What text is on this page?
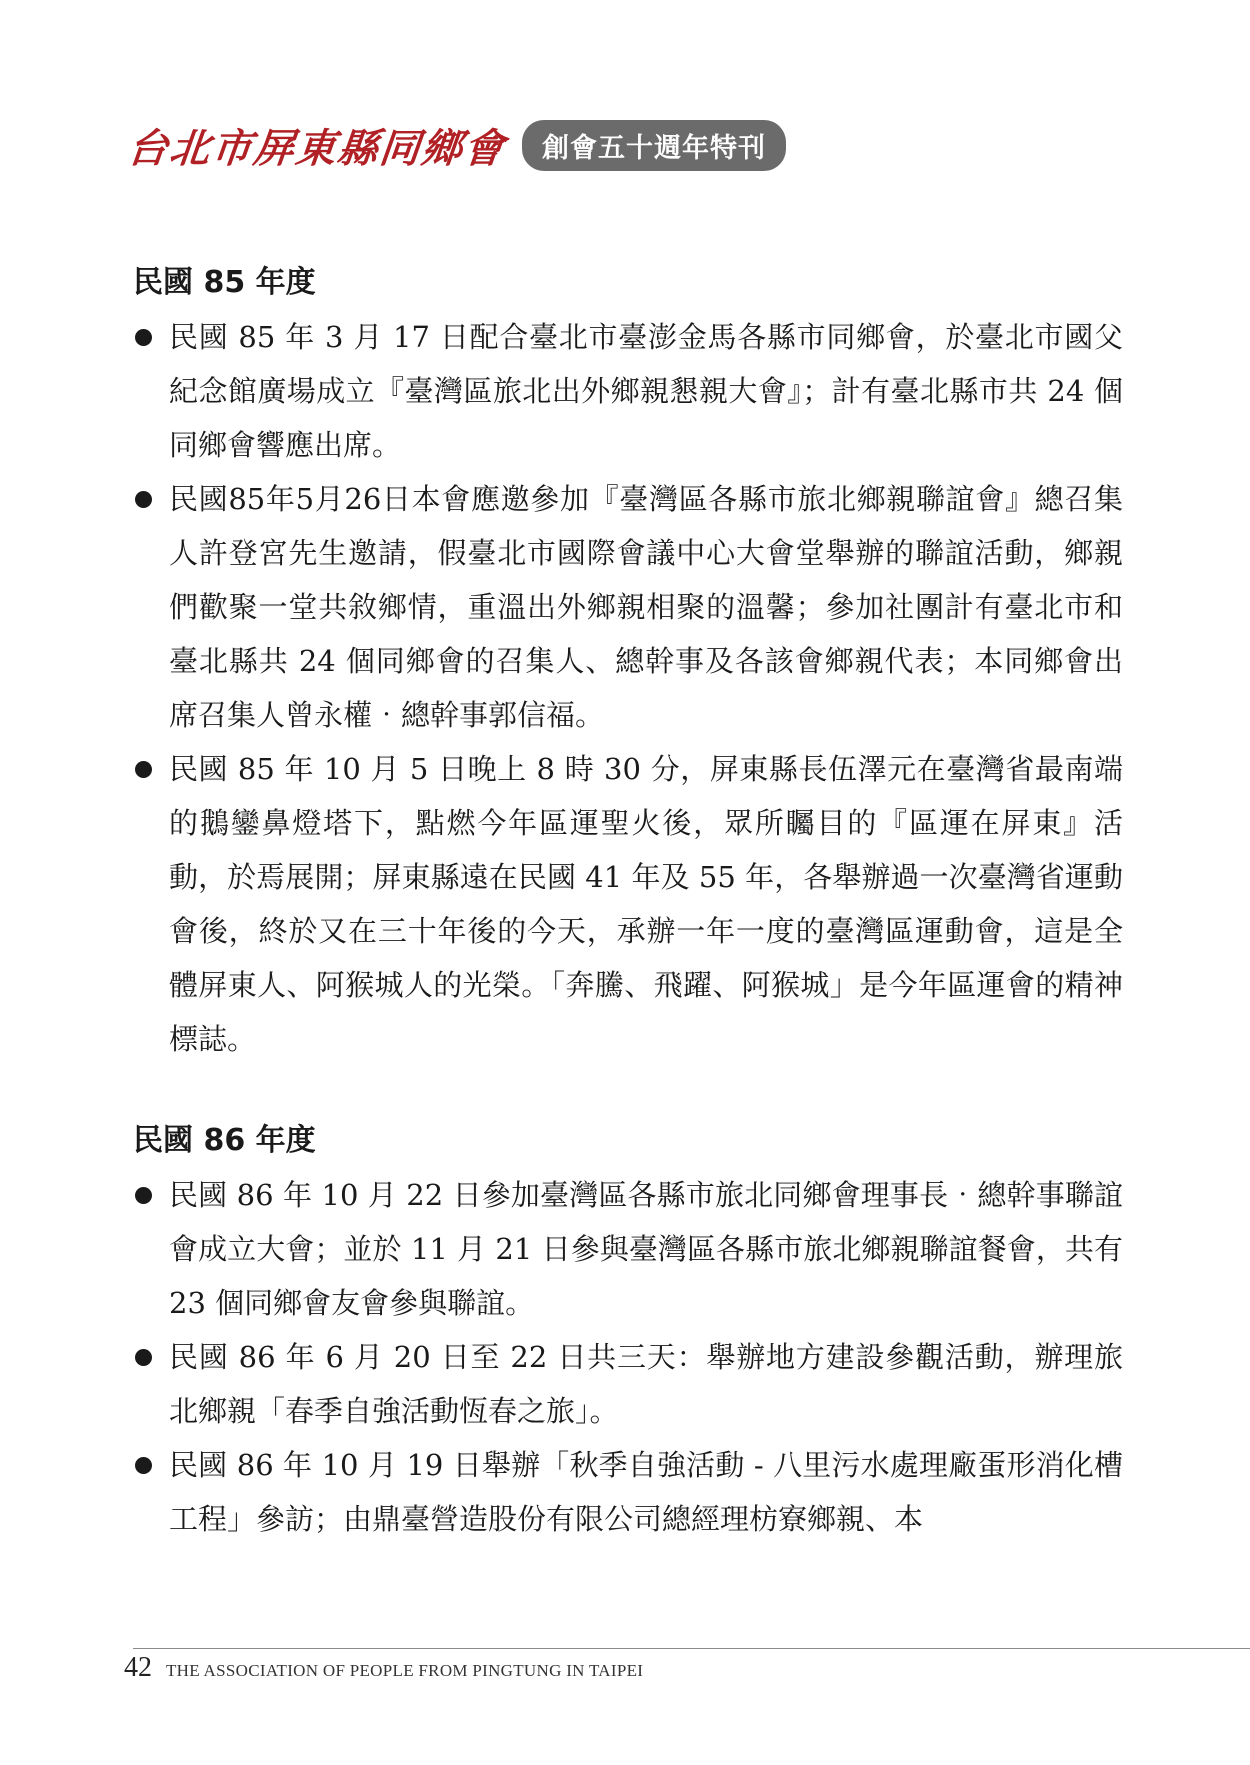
台北市屏東縣同鄉會	創會五十週年特刊
民國 85 年度
民國 85 年 3 月 17 日配合臺北市臺澎金馬各縣市同鄉會，於臺北市國父紀念館廣場成立『臺灣區旅北出外鄉親懇親大會』；計有臺北縣市共 24 個同鄉會響應出席。
民國85年5月26日本會應邀參加『臺灣區各縣市旅北鄉親聯誼會』總召集人許登宮先生邀請，假臺北市國際會議中心大會堂舉辦的聯誼活動，鄉親們歡聚一堂共敘鄉情，重溫出外鄉親相聚的溫馨；參加社團計有臺北市和臺北縣共 24 個同鄉會的召集人、總幹事及各該會鄉親代表；本同鄉會出席召集人曾永權‧總幹事郭信福。
民國 85 年 10 月 5 日晚上 8 時 30 分，屏東縣長伍澤元在臺灣省最南端的鵝鑾鼻燈塔下，點燃今年區運聖火後，眾所矚目的『區運在屏東』活動，於焉展開；屏東縣遠在民國 41 年及 55 年，各舉辦過一次臺灣省運動會後，終於又在三十年後的今天，承辦一年一度的臺灣區運動會，這是全體屏東人、阿猴城人的光榮。「奔騰、飛躍、阿猴城」是今年區運會的精神標誌。
民國 86 年度
民國 86 年 10 月 22 日參加臺灣區各縣市旅北同鄉會理事長‧總幹事聯誼會成立大會；並於 11 月 21 日參與臺灣區各縣市旅北鄉親聯誼餐會，共有 23 個同鄉會友會參與聯誼。
民國 86 年 6 月 20 日至 22 日共三天：舉辦地方建設參觀活動，辦理旅北鄉親「春季自強活動恆春之旅」。
民國 86 年 10 月 19 日舉辦「秋季自強活動 - 八里污水處理廠蛋形消化槽工程」參訪；由鼎臺營造股份有限公司總經理枋寮鄉親、本
42 THE ASSOCIATION OF PEOPLE FROM PINGTUNG IN TAIPEI
